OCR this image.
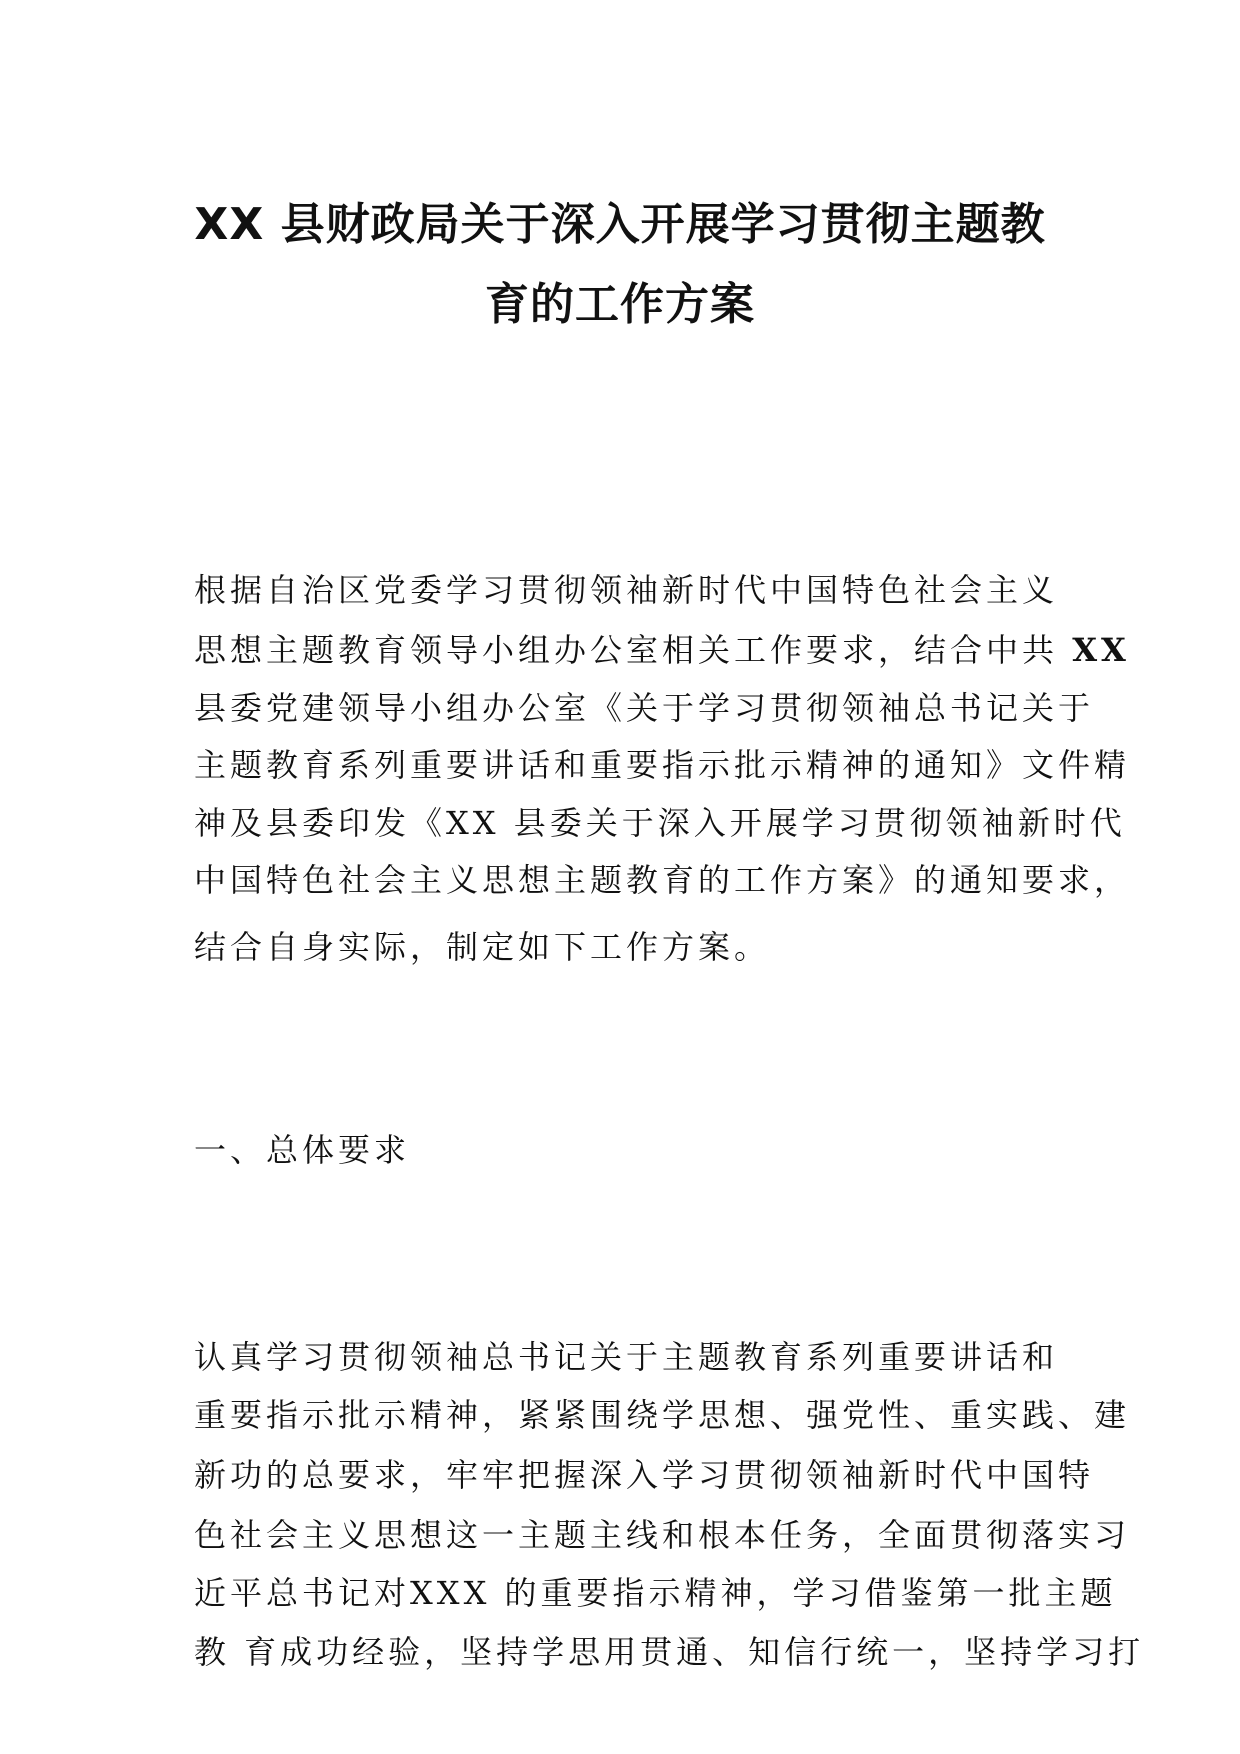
XX 县财政局关于深入开展学习贯彻主题教
育的工作方案
根据自治区党委学习贯彻领袖新时代中国特色社会主义
思想主题教育领导小组办公室相关工作要求，结合中共 XX
县委党建领导小组办公室《关于学习贯彻领袖总书记关于
主题教育系列重要讲话和重要指示批示精神的通知》文件精
神及县委印发《XX 县委关于深入开展学习贯彻领袖新时代
中国特色社会主义思想主题教育的工作方案》的通知要求，
结合自身实际，制定如下工作方案。
一、总体要求
认真学习贯彻领袖总书记关于主题教育系列重要讲话和
重要指示批示精神，紧紧围绕学思想、强党性、重实践、建
新功的总要求，牢牢把握深入学习贯彻领袖新时代中国特
色社会主义思想这一主题主线和根本任务，全面贯彻落实习
近平总书记对XXX 的重要指示精神，学习借鉴第一批主题
教 育成功经验，坚持学思用贯通、知信行统一，坚持学习打
